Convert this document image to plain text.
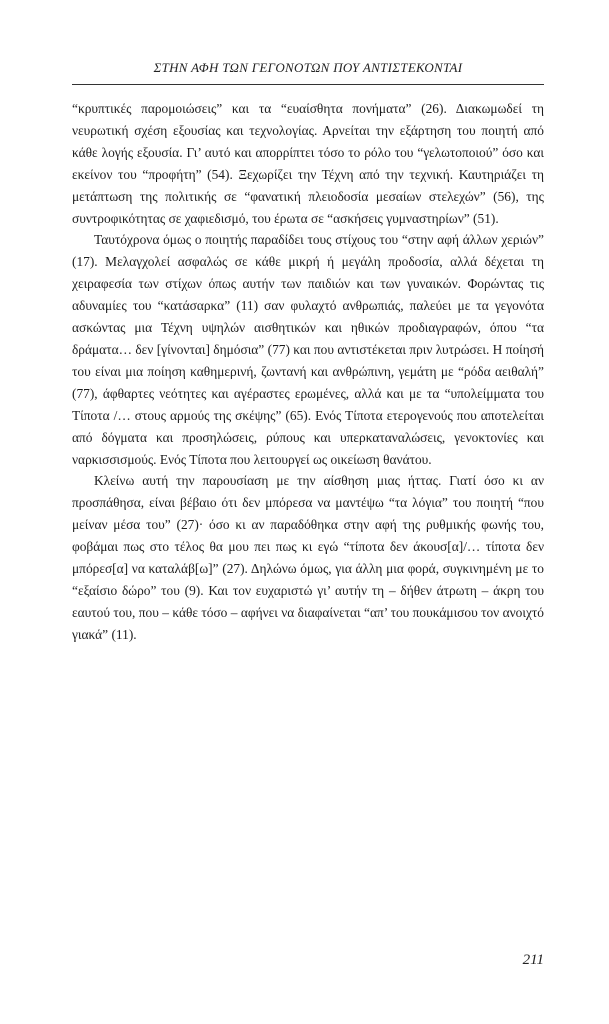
ΣΤΗΝ ΑΦΗ ΤΩΝ ΓΕΓΟΝΟΤΩΝ ΠΟΥ ΑΝΤΙΣΤΕΚΟΝΤΑΙ

“κρυπτικές παρομοιώσεις” και τα “ευαίσθητα πονήματα” (26). Διακωμωδεί τη νευρωτική σχέση εξουσίας και τεχνολογίας. Αρνείται την εξάρτηση του ποιητή από κάθε λογής εξουσία. Γι’ αυτό και απορρίπτει τόσο το ρόλο του “γελωτοποιού” όσο και εκείνον του “προφήτη” (54). Ξεχωρίζει την Τέχνη από την τεχνική. Καυτηριάζει τη μετάπτωση της πολιτικής σε “φανατική πλειοδοσία μεσαίων στελεχών” (56), της συντροφικότητας σε χαφιεδισμό, του έρωτα σε “ασκήσεις γυμναστηρίων” (51).

Ταυτόχρονα όμως ο ποιητής παραδίδει τους στίχους του “στην αφή άλλων χεριών” (17). Μελαγχολεί ασφαλώς σε κάθε μικρή ή μεγάλη προδοσία, αλλά δέχεται τη χειραφεσία των στίχων όπως αυτήν των παιδιών και των γυναικών. Φορώντας τις αδυναμίες του “κατάσαρκα” (11) σαν φυλαχτό ανθρωπιάς, παλεύει με τα γεγονότα ασκώντας μια Τέχνη υψηλών αισθητικών και ηθικών προδιαγραφών, όπου “τα δράματα… δεν [γίνονται] δημόσια” (77) και που αντιστέκεται πριν λυτρώσει. Η ποίησή του είναι μια ποίηση καθημερινή, ζωντανή και ανθρώπινη, γεμάτη με “ρόδα αειθαλή” (77), άφθαρτες νεότητες και αγέραστες ερωμένες, αλλά και με τα “υπολείμματα του Τίποτα /… στους αρμούς της σκέψης” (65). Ενός Τίποτα ετερογενούς που αποτελείται από δόγματα και προσηλώσεις, ρύπους και υπερκαταναλώσεις, γενοκτονίες και ναρκισσισμούς. Ενός Τίποτα που λειτουργεί ως οικείωση θανάτου.

Κλείνω αυτή την παρουσίαση με την αίσθηση μιας ήττας. Γιατί όσο κι αν προσπάθησα, είναι βέβαιο ότι δεν μπόρεσα να μαντέψω “τα λόγια” του ποιητή “που μείναν μέσα του” (27)· όσο κι αν παραδόθηκα στην αφή της ρυθμικής φωνής του, φοβάμαι πως στο τέλος θα μου πει πως κι εγώ “τίποτα δεν άκουσ[α]/… τίποτα δεν μπόρεσ[α] να καταλάβ[ω]” (27). Δηλώνω όμως, για άλλη μια φορά, συγκινημένη με το “εξαίσιο δώρο” του (9). Και τον ευχαριστώ γι’ αυτήν τη – δήθεν άτρωτη – άκρη του εαυτού του, που – κάθε τόσο – αφήνει να διαφαίνεται “απ’ του πουκάμισου τον ανοιχτό γιακά” (11).

211
